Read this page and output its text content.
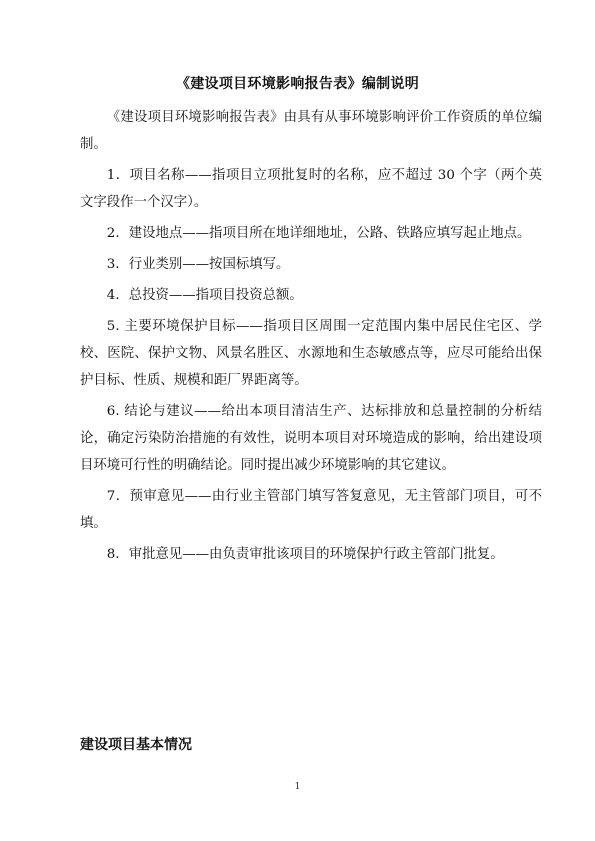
《建设项目环境影响报告表》编制说明

《建设项目环境影响报告表》由具有从事环境影响评价工作资质的单位编制。

1．项目名称——指项目立项批复时的名称，应不超过 30 个字（两个英文字段作一个汉字）。

2．建设地点——指项目所在地详细地址，公路、铁路应填写起止地点。

3．行业类别——按国标填写。

4．总投资——指项目投资总额。

5. 主要环境保护目标——指项目区周围一定范围内集中居民住宅区、学校、医院、保护文物、风景名胜区、水源地和生态敏感点等，应尽可能给出保护目标、性质、规模和距厂界距离等。

6. 结论与建议——给出本项目清洁生产、达标排放和总量控制的分析结论，确定污染防治措施的有效性，说明本项目对环境造成的影响，给出建设项目环境可行性的明确结论。同时提出减少环境影响的其它建议。

7．预审意见——由行业主管部门填写答复意见，无主管部门项目，可不填。

8．审批意见——由负责审批该项目的环境保护行政主管部门批复。

建设项目基本情况
1
